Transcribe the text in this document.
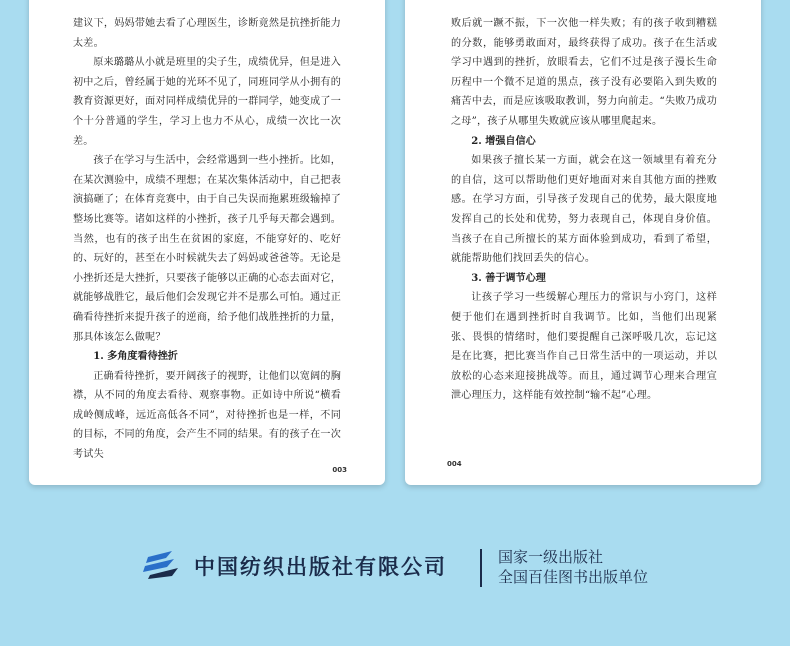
建议下，妈妈带她去看了心理医生，诊断竟然是抗挫折能力太差。

原来璐璐从小就是班里的尖子生，成绩优异，但是进入初中之后，曾经属于她的光环不见了，同班同学从小拥有的教育资源更好，面对同样成绩优异的一群同学，她变成了一个十分普通的学生，学习上也力不从心，成绩一次比一次差。

孩子在学习与生活中，会经常遇到一些小挫折。比如，在某次测验中，成绩不理想；在某次集体活动中，自己把表演搞砸了；在体育竞赛中，由于自己失误而拖累班级输掉了整场比赛等。诸如这样的小挫折，孩子几乎每天都会遇到。当然，也有的孩子出生在贫困的家庭，不能穿好的、吃好的、玩好的，甚至在小时候就失去了妈妈或爸爸等。无论是小挫折还是大挫折，只要孩子能够以正确的心态去面对它，就能够战胜它，最后他们会发现它并不是那么可怕。通过正确看待挫折来提升孩子的逆商，给予他们战胜挫折的力量，那具体该怎么做呢？

1. 多角度看待挫折

正确看待挫折，要开阔孩子的视野，让他们以宽阔的胸襟，从不同的角度去看待、观察事物。正如诗中所说“横看成岭侧成峰，远近高低各不同”，对待挫折也是一样，不同的目标，不同的角度，会产生不同的结果。有的孩子在一次考试失

003

败后就一蹶不振，下一次他一样失败；有的孩子收到糟糕的分数，能够勇敢面对，最终获得了成功。孩子在生活或学习中遇到的挫折，放眼看去，它们不过是孩子漫长生命历程中一个微不足道的黑点，孩子没有必要陷入到失败的痛苦中去，而是应该吸取教训，努力向前走。“失败乃成功之母”，孩子从哪里失败就应该从哪里爬起来。

2. 增强自信心

如果孩子擅长某一方面，就会在这一领域里有着充分的自信，这可以帮助他们更好地面对来自其他方面的挫败感。在学习方面，引导孩子发现自己的优势，最大限度地发挥自己的长处和优势，努力表现自己，体现自身价值。当孩子在自己所擅长的某方面体验到成功，看到了希望，就能帮助他们找回丢失的信心。

3. 善于调节心理

让孩子学习一些缓解心理压力的常识与小窍门，这样便于他们在遇到挫折时自我调节。比如，当他们出现紧张、畏惧的情绪时，他们要提醒自己深呼吸几次，忘记这是在比赛，把比赛当作自己日常生活中的一项运动，并以放松的心态来迎接挑战等。而且，通过调节心理来合理宣泄心理压力，这样能有效控制“输不起”心理。

004
中国纺织出版社有限公司	国家一级出版社
全国百佳图书出版单位
